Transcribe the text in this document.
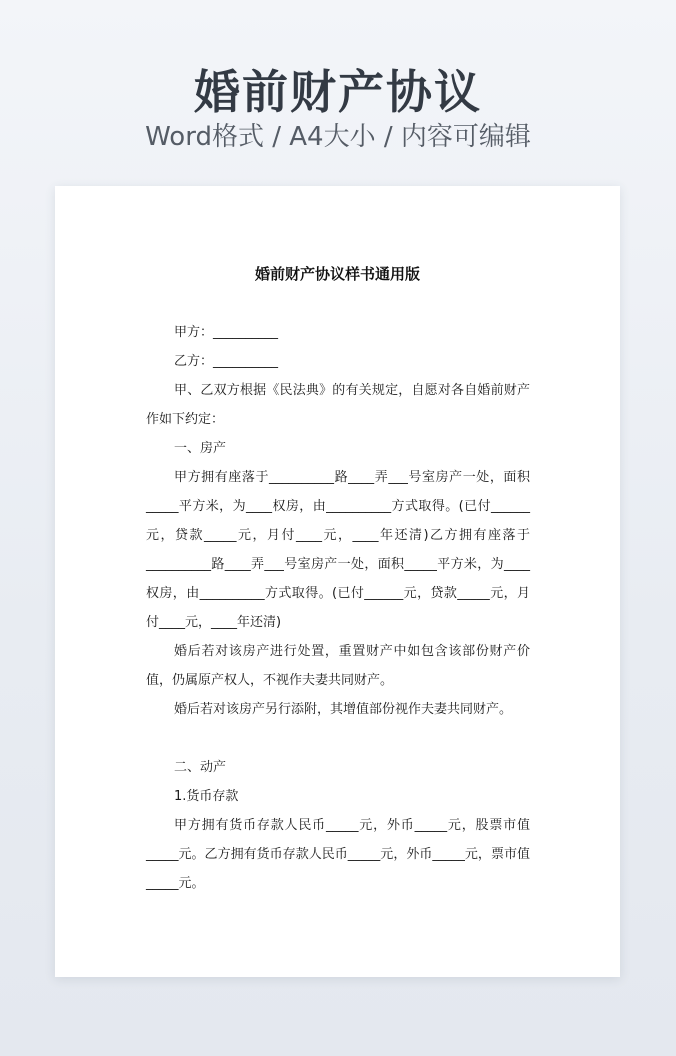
婚前财产协议
Word格式 / A4大小 / 内容可编辑
婚前财产协议样书通用版

甲方：__________

乙方：__________

甲、乙双方根据《民法典》的有关规定，自愿对各自婚前财产作如下约定：

一、房产

甲方拥有座落于__________路____弄___号室房产一处，面积_____平方米，为____权房，由__________方式取得。(已付______元，贷款_____元，月付____元，____年还清)乙方拥有座落于__________路____弄___号室房产一处，面积_____平方米，为____权房，由__________方式取得。(已付______元，贷款_____元，月付____元，____年还清)

婚后若对该房产进行处置，重置财产中如包含该部份财产价值，仍属原产权人，不视作夫妻共同财产。

婚后若对该房产另行添附，其增值部份视作夫妻共同财产。

二、动产

1.货币存款

甲方拥有货币存款人民币_____元，外币_____元，股票市值_____元。乙方拥有货币存款人民币_____元，外币_____元，票市值_____元。
